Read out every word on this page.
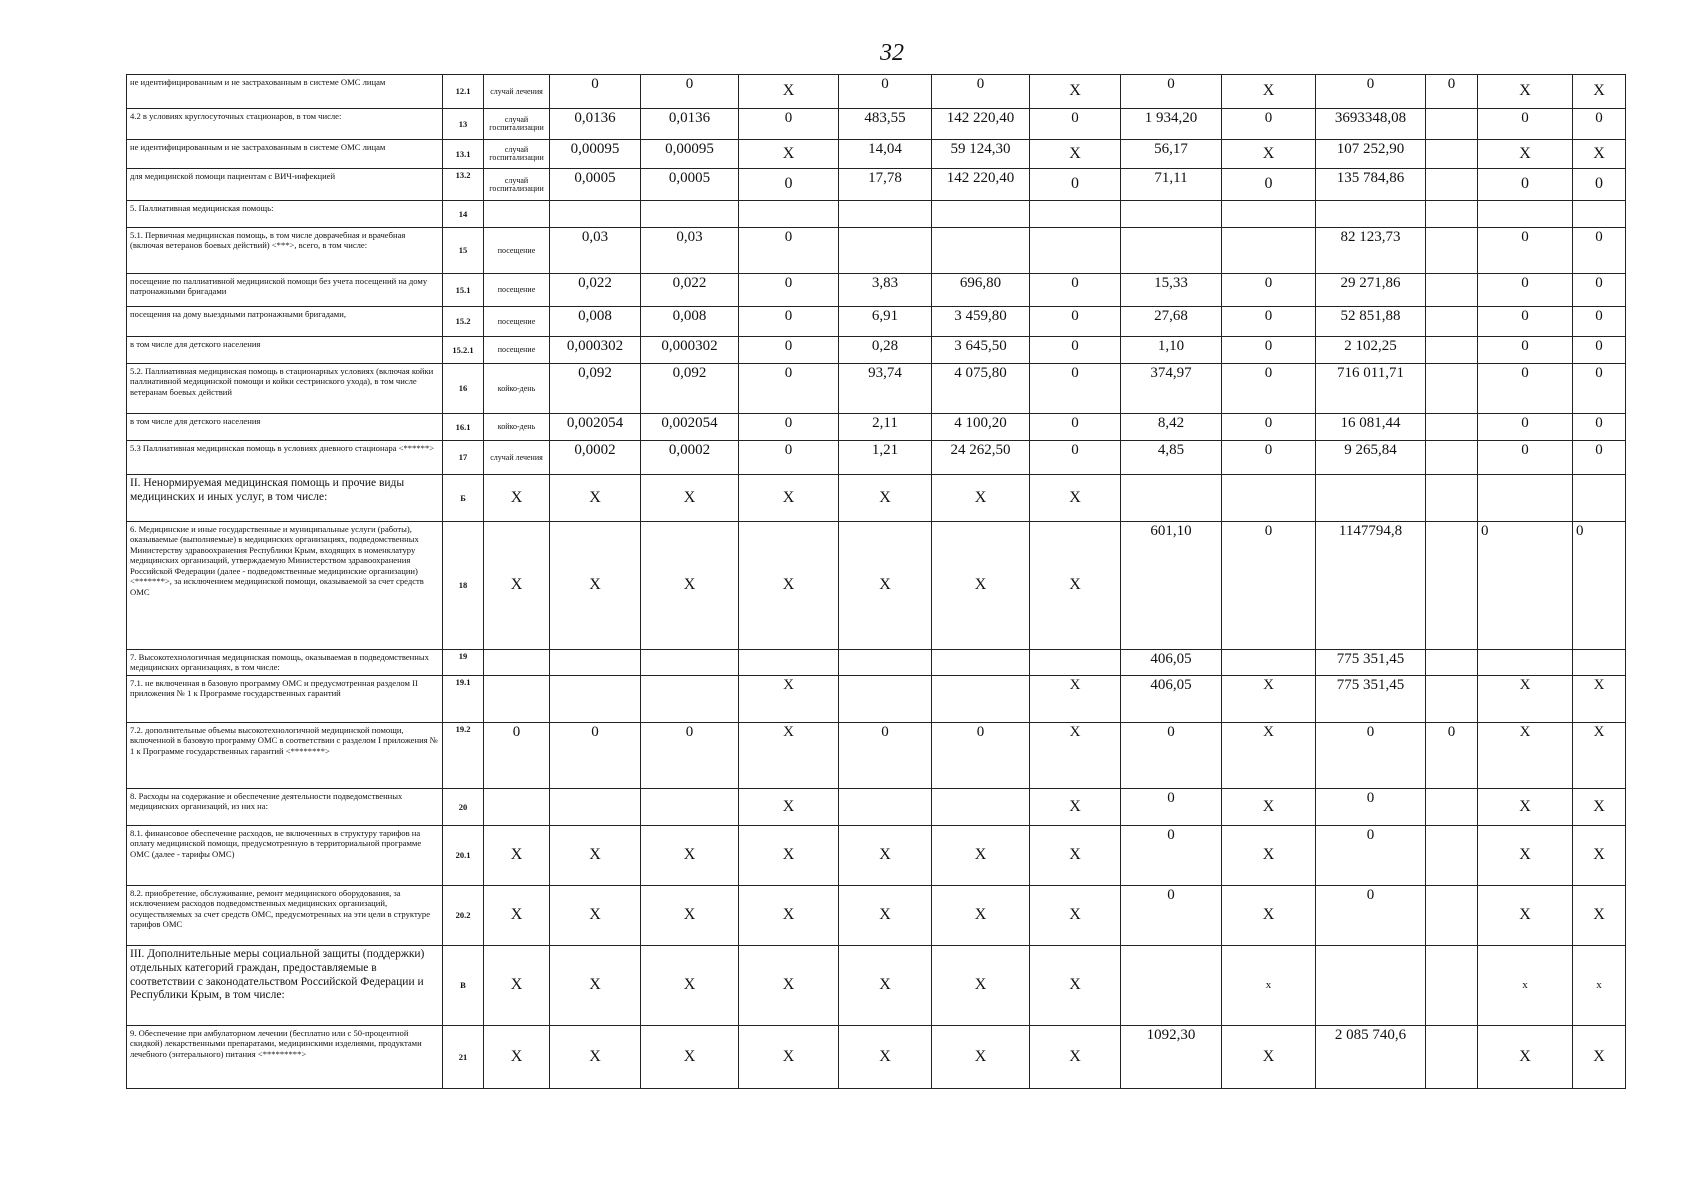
32
не идентифицированным и не застрахованным в системе ОМС лицам	12.1	случай лечения	0	0	X	0	0	X	0	X	0	0	X	X
4.2 в условиях круглосуточных стационаров, в том числе:	13	случай госпитализации	0,0136	0,0136	0	483,55	142 220,40	0	1 934,20	0	3693348,08		0	0
не идентифицированным и не застрахованным в системе ОМС лицам	13.1	случай госпитализации	0,00095	0,00095	X	14,04	59 124,30	X	56,17	X	107 252,90		X	X
для медицинской помощи пациентам с ВИЧ-инфекцией	13.2	случай госпитализации	0,0005	0,0005	0	17,78	142 220,40	0	71,11	0	135 784,86		0	0
5. Паллиативная медицинская помощь:	14													
5.1. Первичная медицинская помощь, в том числе доврачебная и врачебная (включая ветеранов боевых действий) <***>, всего, в том числе:	15	посещение	0,03	0,03	0						82 123,73		0	0
посещение по паллиативной медицинской помощи без учета посещений на дому патронажными бригадами	15.1	посещение	0,022	0,022	0	3,83	696,80	0	15,33	0	29 271,86		0	0
посещения на дому выездными патронажными бригадами,	15.2	посещение	0,008	0,008	0	6,91	3 459,80	0	27,68	0	52 851,88		0	0
в том числе для детского населения	15.2.1	посещение	0,000302	0,000302	0	0,28	3 645,50	0	1,10	0	2 102,25		0	0
5.2. Паллиативная медицинская помощь в стационарных условиях (включая койки паллиативной медицинской помощи и койки сестринского ухода), в том числе ветеранам боевых действий	16	койко-день	0,092	0,092	0	93,74	4 075,80	0	374,97	0	716 011,71		0	0
в том числе для детского населения	16.1	койко-день	0,002054	0,002054	0	2,11	4 100,20	0	8,42	0	16 081,44		0	0
5.3 Паллиативная медицинская помощь в условиях дневного стационара <******>	17	случай лечения	0,0002	0,0002	0	1,21	24 262,50	0	4,85	0	9 265,84		0	0
II. Ненормируемая медицинская помощь и прочие виды медицинских и иных услуг, в том числе:	Б	X	X	X	X	X	X	X						
6. Медицинские и иные государственные и муниципальные услуги (работы), оказываемые (выполняемые) в медицинских организациях, подведомственных Министерству здравоохранения Республики Крым, входящих в номенклатуру медицинских организаций, утверждаемую Министерством здравоохранения Российской Федерации (далее - подведомственные медицинские организации) <*******>, за исключением медицинской помощи, оказываемой за счет средств ОМС	18	X	X	X	X	X	X	X	601,10	0	1147794,8		0	0
7. Высокотехнологичная медицинская помощь, оказываемая в подведомственных медицинских организациях, в том числе:	19								406,05		775 351,45			
7.1. не включенная в базовую программу ОМС и предусмотренная разделом II приложения № 1 к Программе государственных гарантий	19.1				X			X	406,05	X	775 351,45		X	X
7.2. дополнительные объемы высокотехнологичной медицинской помощи, включенной в базовую программу ОМС в соответствии с разделом I приложения № 1 к Программе государственных гарантий <********>	19.2	0	0	0	X	0	0	X	0	X	0	0	X	X
8. Расходы на содержание и обеспечение деятельности подведомственных медицинских организаций, из них на:	20				X			X	0	X	0		X	X
8.1. финансовое обеспечение расходов, не включенных в структуру тарифов на оплату медицинской помощи, предусмотренную в территориальной программе ОМС (далее - тарифы ОМС)	20.1	X	X	X	X	X	X	X	0	X	0		X	X
8.2. приобретение, обслуживание, ремонт медицинского оборудования, за исключением расходов подведомственных медицинских организаций, осуществляемых за счет средств ОМС, предусмотренных на эти цели в структуре тарифов ОМС	20.2	X	X	X	X	X	X	X	0	X	0		X	X
III. Дополнительные меры социальной защиты (поддержки) отдельных категорий граждан, предоставляемые в соответствии с законодательством Российской Федерации и Республики Крым, в том числе:	В	X	X	X	X	X	X	X		x			x	x
9. Обеспечение при амбулаторном лечении (бесплатно или с 50-процентной скидкой) лекарственными препаратами, медицинскими изделиями, продуктами лечебного (энтерального) питания <*********>	21	X	X	X	X	X	X	X	1092,30	X	2 085 740,6		X	X
